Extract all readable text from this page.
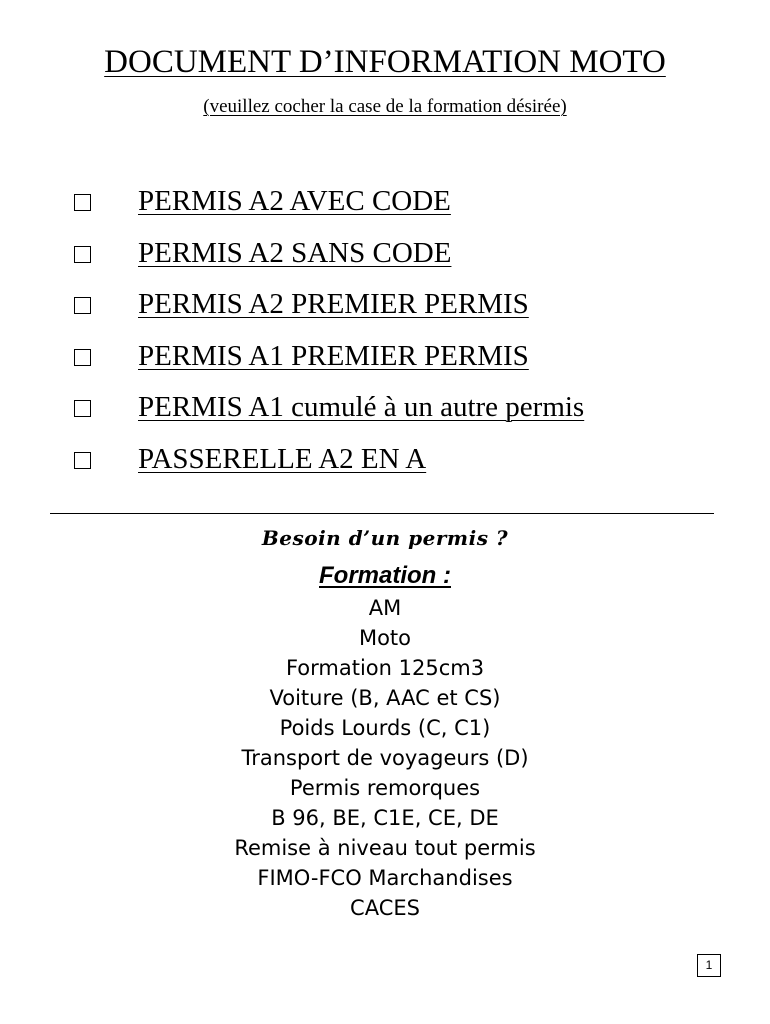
DOCUMENT D’INFORMATION MOTO
(veuillez cocher la case de la formation désirée)
PERMIS A2 AVEC CODE
PERMIS A2 SANS CODE
PERMIS A2 PREMIER PERMIS
PERMIS A1 PREMIER PERMIS
PERMIS A1 cumulé à un autre permis
PASSERELLE A2 EN A
Besoin d’un permis ?
Formation :
AM
Moto
Formation 125cm3
Voiture (B, AAC et CS)
Poids Lourds (C, C1)
Transport de voyageurs (D)
Permis remorques
B 96, BE, C1E, CE, DE
Remise à niveau tout permis
FIMO-FCO Marchandises
CACES
1
